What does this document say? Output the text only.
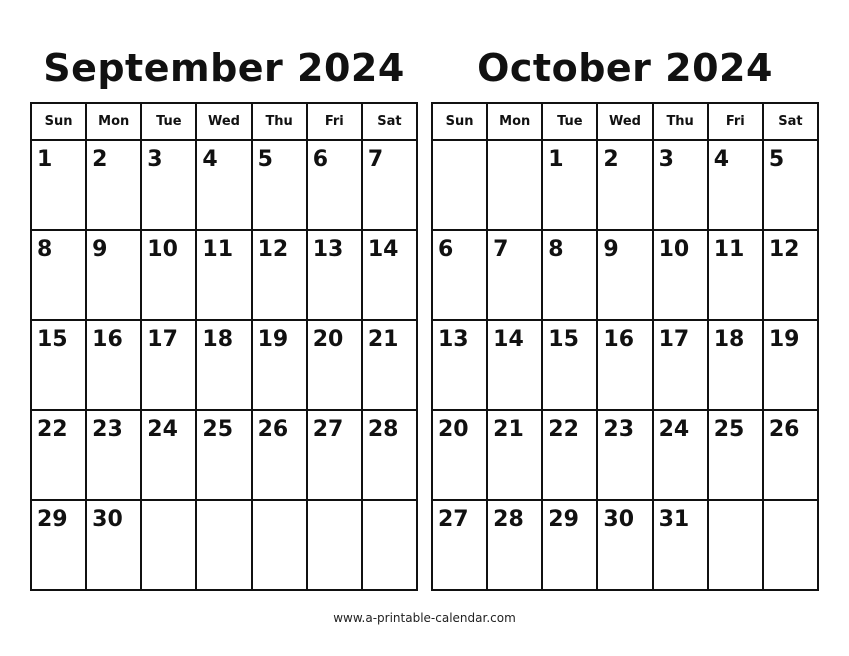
September 2024
Sun	Mon	Tue	Wed	Thu	Fri	Sat

1	2	3	4	5	6	7

8	9	10	11	12	13	14

15	16	17	18	19	20	21

22	23	24	25	26	27	28

29	30					

October 2024
Sun	Mon	Tue	Wed	Thu	Fri	Sat

		1	2	3	4	5

6	7	8	9	10	11	12

13	14	15	16	17	18	19

20	21	22	23	24	25	26

27	28	29	30	31		

www.a-printable-calendar.com
